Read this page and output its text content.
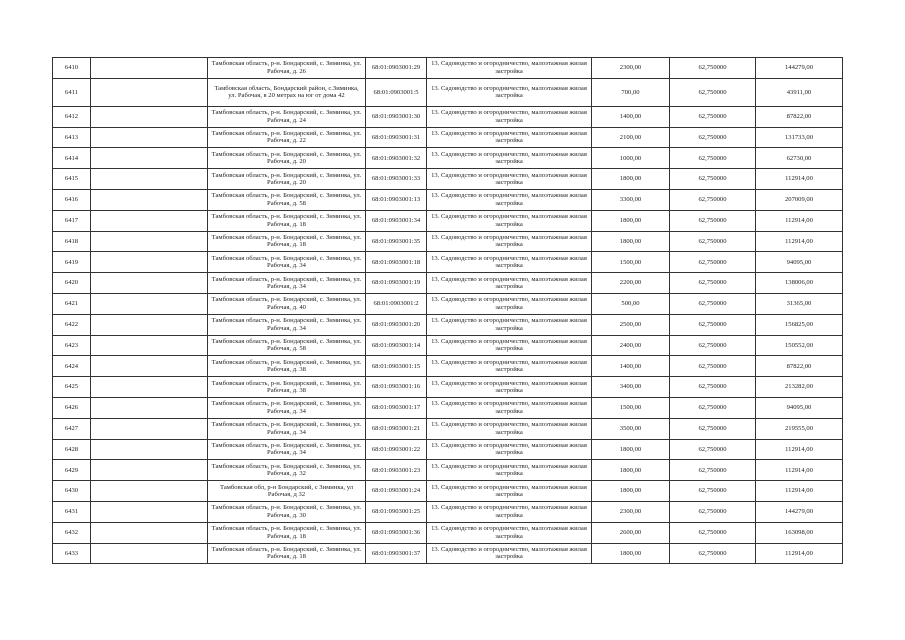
6410		Тамбовская область, р-н. Бондарский, с. Зиминка, ул. Рабочая, д. 26	68:01:0903001:29	13. Садоводство и огородничество, малоэтажная жилая застройка	2300,00	62,750000	144279,00
6411		Тамбовская область, Бондарский район, с.Зиминка, ул. Рабочая, в 20 метрах на юг от дома 42	68:01:0903001:5	13. Садоводство и огородничество, малоэтажная жилая застройка	700,00	62,750000	43911,00
6412		Тамбовская область, р-н. Бондарский, с. Зиминка, ул. Рабочая, д. 24	68:01:0903001:30	13. Садоводство и огородничество, малоэтажная жилая застройка	1400,00	62,750000	87822,00
6413		Тамбовская область, р-н. Бондарский, с. Зиминка, ул. Рабочая, д. 22	68:01:0903001:31	13. Садоводство и огородничество, малоэтажная жилая застройка	2100,00	62,750000	131733,00
6414		Тамбовская область, р-н. Бондарский, с. Зиминка, ул. Рабочая, д. 20	68:01:0903001:32	13. Садоводство и огородничество, малоэтажная жилая застройка	1000,00	62,750000	62730,00
6415		Тамбовская область, р-н. Бондарский, с. Зиминка, ул. Рабочая, д. 20	68:01:0903001:33	13. Садоводство и огородничество, малоэтажная жилая застройка	1800,00	62,750000	112914,00
6416		Тамбовская область, р-н. Бондарский, с. Зиминка, ул. Рабочая, д. 58	68:01:0903001:13	13. Садоводство и огородничество, малоэтажная жилая застройка	3300,00	62,750000	207009,00
6417		Тамбовская область, р-н. Бондарский, с. Зиминка, ул. Рабочая, д. 18	68:01:0903001:34	13. Садоводство и огородничество, малоэтажная жилая застройка	1800,00	62,750000	112914,00
6418		Тамбовская область, р-н. Бондарский, с. Зиминка, ул. Рабочая, д. 18	68:01:0903001:35	13. Садоводство и огородничество, малоэтажная жилая застройка	1800,00	62,750000	112914,00
6419		Тамбовская область, р-н. Бондарский, с. Зиминка, ул. Рабочая, д. 34	68:01:0903001:18	13. Садоводство и огородничество, малоэтажная жилая застройка	1500,00	62,750000	94095,00
6420		Тамбовская область, р-н. Бондарский, с. Зиминка, ул. Рабочая, д. 34	68:01:0903001:19	13. Садоводство и огородничество, малоэтажная жилая застройка	2200,00	62,750000	138006,00
6421		Тамбовская область, р-н. Бондарский, с. Зиминка, ул. Рабочая, д. 40	68:01:0903001:2	13. Садоводство и огородничество, малоэтажная жилая застройка	500,00	62,750000	31365,00
6422		Тамбовская область, р-н. Бондарский, с. Зиминка, ул. Рабочая, д. 34	68:01:0903001:20	13. Садоводство и огородничество, малоэтажная жилая застройка	2500,00	62,750000	156825,00
6423		Тамбовская область, р-н. Бондарский, с. Зиминка, ул. Рабочая, д. 58	68:01:0903001:14	13. Садоводство и огородничество, малоэтажная жилая застройка	2400,00	62,750000	150552,00
6424		Тамбовская область, р-н. Бондарский, с. Зиминка, ул. Рабочая, д. 38	68:01:0903001:15	13. Садоводство и огородничество, малоэтажная жилая застройка	1400,00	62,750000	87822,00
6425		Тамбовская область, р-н. Бондарский, с. Зиминка, ул. Рабочая, д. 38	68:01:0903001:16	13. Садоводство и огородничество, малоэтажная жилая застройка	3400,00	62,750000	213282,00
6426		Тамбовская область, р-н. Бондарский, с. Зиминка, ул. Рабочая, д. 34	68:01:0903001:17	13. Садоводство и огородничество, малоэтажная жилая застройка	1500,00	62,750000	94095,00
6427		Тамбовская область, р-н. Бондарский, с. Зиминка, ул. Рабочая, д. 34	68:01:0903001:21	13. Садоводство и огородничество, малоэтажная жилая застройка	3500,00	62,750000	219555,00
6428		Тамбовская область, р-н. Бондарский, с. Зиминка, ул. Рабочая, д. 34	68:01:0903001:22	13. Садоводство и огородничество, малоэтажная жилая застройка	1800,00	62,750000	112914,00
6429		Тамбовская область, р-н. Бондарский, с. Зиминка, ул. Рабочая, д. 32	68:01:0903001:23	13. Садоводство и огородничество, малоэтажная жилая застройка	1800,00	62,750000	112914,00
6430		Тамбовская обл, р-н Бондарский, с Зиминка, ул Рабочая, д 32	68:01:0903001:24	13. Садоводство и огородничество, малоэтажная жилая застройка	1800,00	62,750000	112914,00
6431		Тамбовская область, р-н. Бондарский, с. Зиминка, ул. Рабочая, д. 30	68:01:0903001:25	13. Садоводство и огородничество, малоэтажная жилая застройка	2300,00	62,750000	144279,00
6432		Тамбовская область, р-н. Бондарский, с. Зиминка, ул. Рабочая, д. 18	68:01:0903001:36	13. Садоводство и огородничество, малоэтажная жилая застройка	2600,00	62,750000	163098,00
6433		Тамбовская область, р-н. Бондарский, с. Зиминка, ул. Рабочая, д. 18	68:01:0903001:37	13. Садоводство и огородничество, малоэтажная жилая застройка	1800,00	62,750000	112914,00
